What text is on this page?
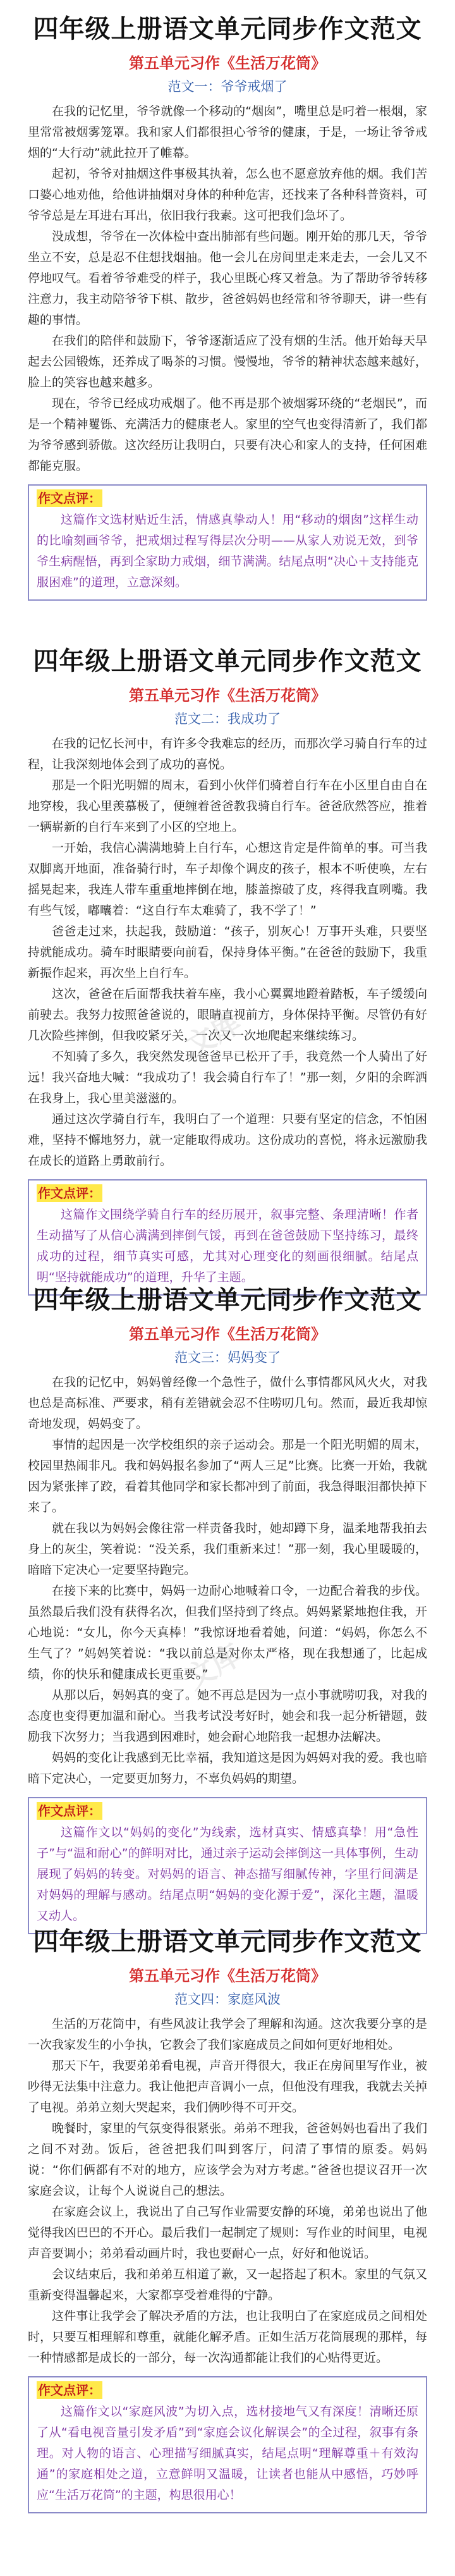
文库
文库
四年级上册语文单元同步作文范文
第五单元习作《生活万花筒》
范文一：爷爷戒烟了

在我的记忆里，爷爷就像一个移动的“烟囱”，嘴里总是叼着一根烟，家里常常被烟雾笼罩。我和家人们都很担心爷爷的健康，于是，一场让爷爷戒烟的“大行动”就此拉开了帷幕。

起初，爷爷对抽烟这件事极其执着，怎么也不愿意放弃他的烟。我们苦口婆心地劝他，给他讲抽烟对身体的种种危害，还找来了各种科普资料，可爷爷总是左耳进右耳出，依旧我行我素。这可把我们急坏了。

没成想，爷爷在一次体检中查出肺部有些问题。刚开始的那几天，爷爷坐立不安，总是忍不住想找烟抽。他一会儿在房间里走来走去，一会儿又不停地叹气。看着爷爷难受的样子，我心里既心疼又着急。为了帮助爷爷转移注意力，我主动陪爷爷下棋、散步，爸爸妈妈也经常和爷爷聊天，讲一些有趣的事情。

在我们的陪伴和鼓励下，爷爷逐渐适应了没有烟的生活。他开始每天早起去公园锻炼，还养成了喝茶的习惯。慢慢地，爷爷的精神状态越来越好，脸上的笑容也越来越多。

现在，爷爷已经成功戒烟了。他不再是那个被烟雾环绕的“老烟民”，而是一个精神矍铄、充满活力的健康老人。家里的空气也变得清新了，我们都为爷爷感到骄傲。这次经历让我明白，只要有决心和家人的支持，任何困难都能克服。

作文点评：

这篇作文选材贴近生活，情感真挚动人！用“移动的烟囱”这样生动的比喻刻画爷爷，把戒烟过程写得层次分明——从家人劝说无效，到爷爷生病醒悟，再到全家助力戒烟，细节满满。结尾点明“决心＋支持能克服困难”的道理，立意深刻。

四年级上册语文单元同步作文范文
第五单元习作《生活万花筒》
范文二：我成功了

在我的记忆长河中，有许多令我难忘的经历，而那次学习骑自行车的过程，让我深刻地体会到了成功的喜悦。

那是一个阳光明媚的周末，看到小伙伴们骑着自行车在小区里自由自在地穿梭，我心里羡慕极了，便缠着爸爸教我骑自行车。爸爸欣然答应，推着一辆崭新的自行车来到了小区的空地上。

一开始，我信心满满地骑上自行车，心想这肯定是件简单的事。可当我双脚离开地面，准备骑行时，车子却像个调皮的孩子，根本不听使唤，左右摇晃起来，我连人带车重重地摔倒在地，膝盖擦破了皮，疼得我直咧嘴。我有些气馁，嘟囔着：“这自行车太难骑了，我不学了！”

爸爸走过来，扶起我，鼓励道：“孩子，别灰心！万事开头难，只要坚持就能成功。骑车时眼睛要向前看，保持身体平衡。”在爸爸的鼓励下，我重新振作起来，再次坐上自行车。

这次，爸爸在后面帮我扶着车座，我小心翼翼地蹬着踏板，车子缓缓向前驶去。我努力按照爸爸说的，眼睛直视前方，身体保持平衡。尽管仍有好几次险些摔倒，但我咬紧牙关，一次又一次地爬起来继续练习。

不知骑了多久，我突然发现爸爸早已松开了手，我竟然一个人骑出了好远！我兴奋地大喊：“我成功了！我会骑自行车了！”那一刻，夕阳的余晖洒在我身上，我心里美滋滋的。

通过这次学骑自行车，我明白了一个道理：只要有坚定的信念，不怕困难，坚持不懈地努力，就一定能取得成功。这份成功的喜悦，将永远激励我在成长的道路上勇敢前行。

作文点评：

这篇作文围绕学骑自行车的经历展开，叙事完整、条理清晰！作者生动描写了从信心满满到摔倒气馁，再到在爸爸鼓励下坚持练习，最终成功的过程，细节真实可感，尤其对心理变化的刻画很细腻。结尾点明“坚持就能成功”的道理，升华了主题。

四年级上册语文单元同步作文范文
第五单元习作《生活万花筒》
范文三：妈妈变了

在我的记忆中，妈妈曾经像一个急性子，做什么事情都风风火火，对我也总是高标准、严要求，稍有差错就会忍不住唠叨几句。然而，最近我却惊奇地发现，妈妈变了。

事情的起因是一次学校组织的亲子运动会。那是一个阳光明媚的周末，校园里热闹非凡。我和妈妈报名参加了“两人三足”比赛。比赛一开始，我就因为紧张摔了跤，看着其他同学和家长都冲到了前面，我急得眼泪都快掉下来了。

就在我以为妈妈会像往常一样责备我时，她却蹲下身，温柔地帮我拍去身上的灰尘，笑着说：“没关系，我们重新来过！”那一刻，我心里暖暖的，暗暗下定决心一定要坚持跑完。

在接下来的比赛中，妈妈一边耐心地喊着口令，一边配合着我的步伐。虽然最后我们没有获得名次，但我们坚持到了终点。妈妈紧紧地抱住我，开心地说：“女儿，你今天真棒！”我惊讶地看着她，问道：“妈妈，你怎么不生气了？”妈妈笑着说：“我以前总是对你太严格，现在我想通了，比起成绩，你的快乐和健康成长更重要。”

从那以后，妈妈真的变了。她不再总是因为一点小事就唠叨我，对我的态度也变得更加温和耐心。当我考试没考好时，她会和我一起分析错题，鼓励我下次努力；当我遇到困难时，她会耐心地陪我一起想办法解决。

妈妈的变化让我感到无比幸福，我知道这是因为妈妈对我的爱。我也暗暗下定决心，一定要更加努力，不辜负妈妈的期望。

作文点评：

这篇作文以“妈妈的变化”为线索，选材真实、情感真挚！用“急性子”与“温和耐心”的鲜明对比，通过亲子运动会摔倒这一具体事例，生动展现了妈妈的转变。对妈妈的语言、神态描写细腻传神，字里行间满是对妈妈的理解与感动。结尾点明“妈妈的变化源于爱”，深化主题，温暖又动人。

四年级上册语文单元同步作文范文
第五单元习作《生活万花筒》
范文四：家庭风波

生活的万花筒中，有些风波让我学会了理解和沟通。这次我要分享的是一次我家发生的小争执，它教会了我们家庭成员之间如何更好地相处。

那天下午，我要弟弟看电视，声音开得很大，我正在房间里写作业，被吵得无法集中注意力。我让他把声音调小一点，但他没有理我，我就去关掉了电视。弟弟立刻大哭起来，我们俩吵得不可开交。

晚餐时，家里的气氛变得很紧张。弟弟不理我，爸爸妈妈也看出了我们之间不对劲。饭后，爸爸把我们叫到客厅，问清了事情的原委。妈妈说：“你们俩都有不对的地方，应该学会为对方考虑。”爸爸也提议召开一次家庭会议，让每个人说说自己的想法。

在家庭会议上，我说出了自己写作业需要安静的环境，弟弟也说出了他觉得我凶巴巴的不开心。最后我们一起制定了规则：写作业的时间里，电视声音要调小；弟弟看动画片时，我也要耐心一点，好好和他说话。

会议结束后，我和弟弟互相道了歉，又一起搭起了积木。家里的气氛又重新变得温馨起来，大家都享受着难得的宁静。

这件事让我学会了解决矛盾的方法，也让我明白了在家庭成员之间相处时，只要互相理解和尊重，就能化解矛盾。正如生活万花筒展现的那样，每一种情感都是成长的一部分，每一次沟通都能让我们的心贴得更近。

作文点评：

这篇作文以“家庭风波”为切入点，选材接地气又有深度！清晰还原了从“看电视音量引发矛盾”到“家庭会议化解误会”的全过程，叙事有条理。对人物的语言、心理描写细腻真实，结尾点明“理解尊重＋有效沟通”的家庭相处之道，立意鲜明又温暖，让读者也能从中感悟，巧妙呼应“生活万花筒”的主题，构思很用心！
